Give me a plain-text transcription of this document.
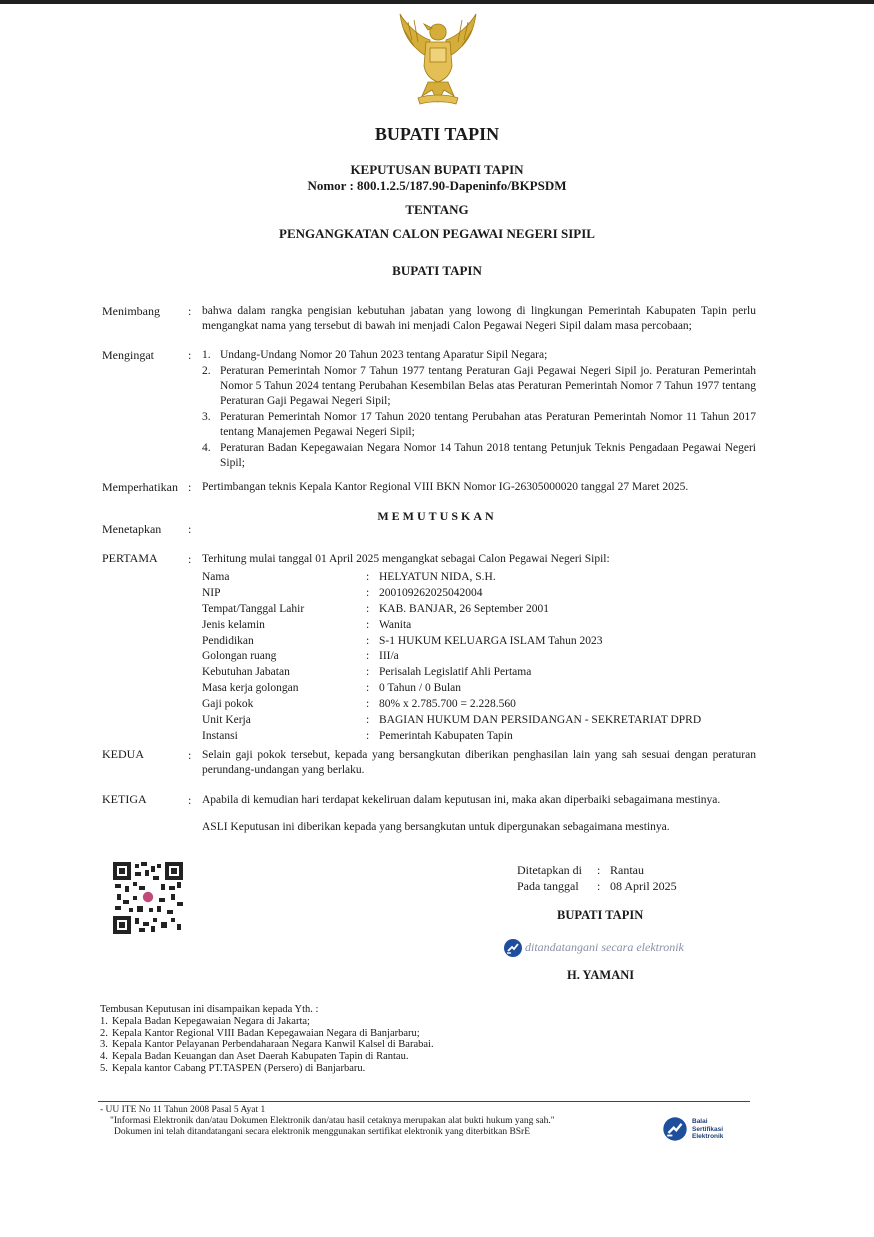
BUPATI TAPIN
KEPUTUSAN BUPATI TAPIN
Nomor : 800.1.2.5/187.90-Dapeninfo/BKPSDM
TENTANG
PENGANGKATAN CALON PEGAWAI NEGERI SIPIL
BUPATI TAPIN
Menimbang : bahwa dalam rangka pengisian kebutuhan jabatan yang lowong di lingkungan Pemerintah Kabupaten Tapin perlu mengangkat nama yang tersebut di bawah ini menjadi Calon Pegawai Negeri Sipil dalam masa percobaan;
Mengingat	: 1. Undang-Undang Nomor 20 Tahun 2023 tentang Aparatur Sipil Negara;
2. Peraturan Pemerintah Nomor 7 Tahun 1977 tentang Peraturan Gaji Pegawai Negeri Sipil jo. Peraturan Pemerintah Nomor 5 Tahun 2024 tentang Perubahan Kesembilan Belas atas Peraturan Pemerintah Nomor 7 Tahun 1977 tentang Peraturan Gaji Pegawai Negeri Sipil;
3. Peraturan Pemerintah Nomor 17 Tahun 2020 tentang Perubahan atas Peraturan Pemerintah Nomor 11 Tahun 2017 tentang Manajemen Pegawai Negeri Sipil;
4. Peraturan Badan Kepegawaian Negara Nomor 14 Tahun 2018 tentang Petunjuk Teknis Pengadaan Pegawai Negeri Sipil;
Memperhatikan : Pertimbangan teknis Kepala Kantor Regional VIII BKN Nomor IG-26305000020 tanggal 27 Maret 2025.
MEMUTUSKAN
Menetapkan :
PERTAMA	: Terhitung mulai tanggal 01 April 2025 mengangkat sebagai Calon Pegawai Negeri Sipil:
Nama	: HELYATUN NIDA, S.H.
NIP	: 200109262025042004
Tempat/Tanggal Lahir	: KAB. BANJAR, 26 September 2001
Jenis kelamin	: Wanita
Pendidikan	: S-1 HUKUM KELUARGA ISLAM Tahun 2023
Golongan ruang	: III/a
Kebutuhan Jabatan	: Perisalah Legislatif Ahli Pertama
Masa kerja golongan	: 0 Tahun / 0 Bulan
Gaji pokok	: 80% x 2.785.700 = 2.228.560
Unit Kerja	: BAGIAN HUKUM DAN PERSIDANGAN - SEKRETARIAT DPRD
Instansi	: Pemerintah Kabupaten Tapin
KEDUA	: Selain gaji pokok tersebut, kepada yang bersangkutan diberikan penghasilan lain yang sah sesuai dengan peraturan perundang-undangan yang berlaku.
KETIGA	: Apabila di kemudian hari terdapat kekeliruan dalam keputusan ini, maka akan diperbaiki sebagaimana mestinya.
ASLI Keputusan ini diberikan kepada yang bersangkutan untuk dipergunakan sebagaimana mestinya.
Ditetapkan di : Rantau
Pada tanggal : 08 April 2025
BUPATI TAPIN
ditandatangani secara elektronik
H. YAMANI
Tembusan Keputusan ini disampaikan kepada Yth. :
1. Kepala Badan Kepegawaian Negara di Jakarta;
2. Kepala Kantor Regional VIII Badan Kepegawaian Negara di Banjarbaru;
3. Kepala Kantor Pelayanan Perbendaharaan Negara Kanwil Kalsel di Barabai.
4. Kepala Badan Keuangan dan Aset Daerah Kabupaten Tapin di Rantau.
5. Kepala kantor Cabang PT.TASPEN (Persero) di Banjarbaru.
- UU ITE No 11 Tahun 2008 Pasal 5 Ayat 1
"Informasi Elektronik dan/atau Dokumen Elektronik dan/atau hasil cetaknya merupakan alat bukti hukum yang sah."
Dokumen ini telah ditandatangani secara elektronik menggunakan sertifikat elektronik yang diterbitkan BSrE
Balai
Sertifikasi
Elektronik
